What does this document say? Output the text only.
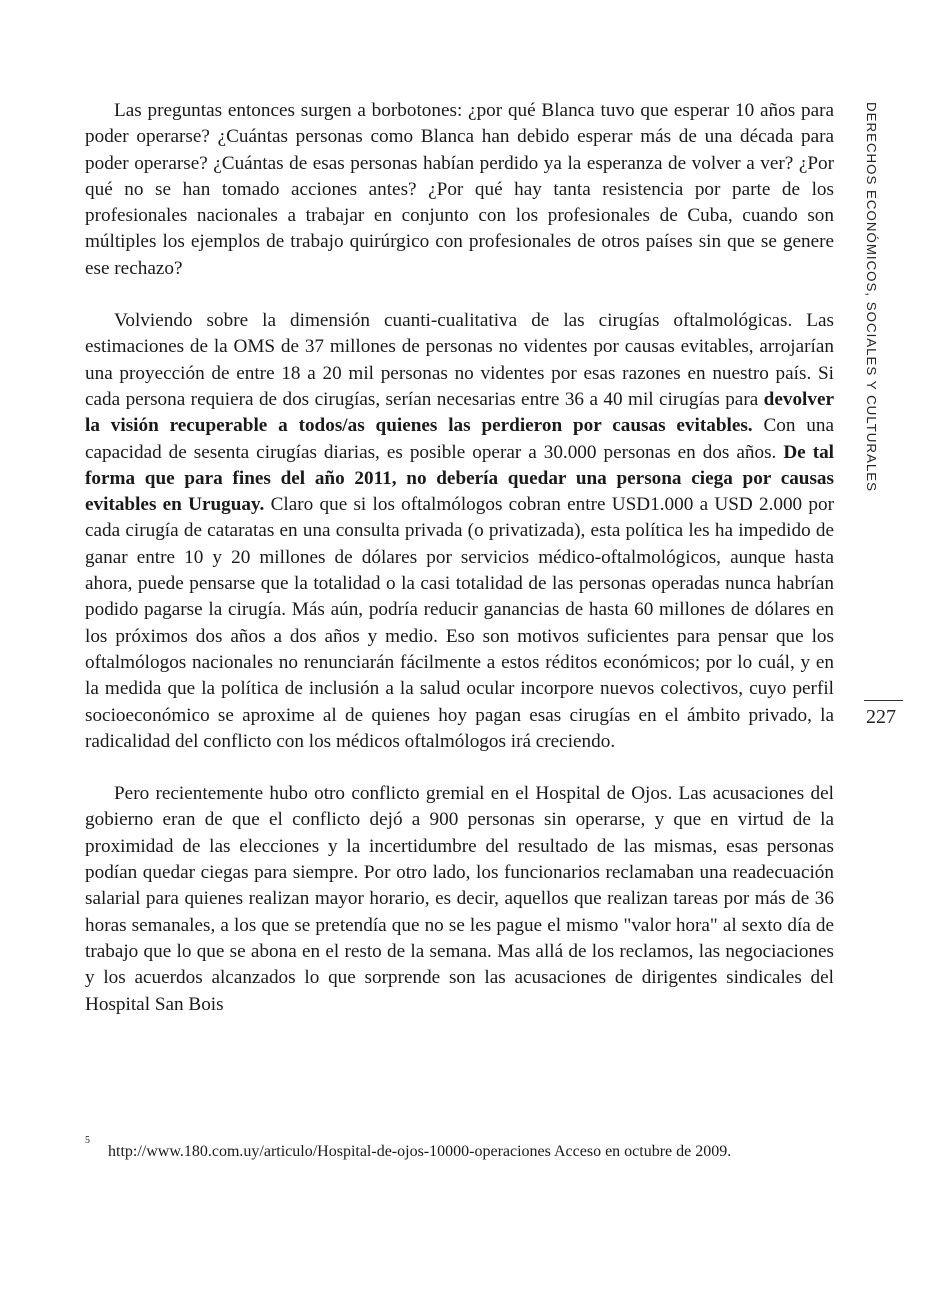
Las preguntas entonces surgen a borbotones: ¿por qué Blanca tuvo que esperar 10 años para poder operarse? ¿Cuántas personas como Blanca han debido esperar más de una década para poder operarse? ¿Cuántas de esas personas habían perdido ya la esperanza de volver a ver? ¿Por qué no se han tomado acciones antes? ¿Por qué hay tanta resistencia por parte de los profesionales nacionales a trabajar en conjunto con los profesionales de Cuba, cuando son múltiples los ejemplos de trabajo quirúrgico con profesionales de otros países sin que se genere ese rechazo?

Volviendo sobre la dimensión cuanti-cualitativa de las cirugías oftalmológicas. Las estimaciones de la OMS de 37 millones de personas no videntes por causas evitables, arrojarían una proyección de entre 18 a 20 mil personas no videntes por esas razones en nuestro país. Si cada persona requiera de dos cirugías, serían necesarias entre 36 a 40 mil cirugías para devolver la visión recuperable a todos/as quienes las perdieron por causas evitables. Con una capacidad de sesenta cirugías diarias, es posible operar a 30.000 personas en dos años. De tal forma que para fines del año 2011, no debería quedar una persona ciega por causas evitables en Uruguay. Claro que si los oftalmólogos cobran entre USD1.000 a USD 2.000 por cada cirugía de cataratas en una consulta privada (o privatizada), esta política les ha impedido de ganar entre 10 y 20 millones de dólares por servicios médico-oftalmológicos, aunque hasta ahora, puede pensarse que la totalidad o la casi totalidad de las personas operadas nunca habrían podido pagarse la cirugía. Más aún, podría reducir ganancias de hasta 60 millones de dólares en los próximos dos años a dos años y medio. Eso son motivos suficientes para pensar que los oftalmólogos nacionales no renunciarán fácilmente a estos réditos económicos; por lo cuál, y en la medida que la política de inclusión a la salud ocular incorpore nuevos colectivos, cuyo perfil socioeconómico se aproxime al de quienes hoy pagan esas cirugías en el ámbito privado, la radicalidad del conflicto con los médicos oftalmólogos irá creciendo.

Pero recientemente hubo otro conflicto gremial en el Hospital de Ojos. Las acusaciones del gobierno eran de que el conflicto dejó a 900 personas sin operarse, y que en virtud de la proximidad de las elecciones y la incertidumbre del resultado de las mismas, esas personas podían quedar ciegas para siempre. Por otro lado, los funcionarios reclamaban una readecuación salarial para quienes realizan mayor horario, es decir, aquellos que realizan tareas por más de 36 horas semanales, a los que se pretendía que no se les pague el mismo "valor hora" al sexto día de trabajo que lo que se abona en el resto de la semana. Mas allá de los reclamos, las negociaciones y los acuerdos alcanzados lo que sorprende son las acusaciones de dirigentes sindicales del Hospital San Bois

DERECHOS ECONÓMICOS, SOCIALES Y CULTURALES
227
$^5$
http://www.180.com.uy/articulo/Hospital-de-ojos-10000-operaciones Acceso en octubre de 2009.
